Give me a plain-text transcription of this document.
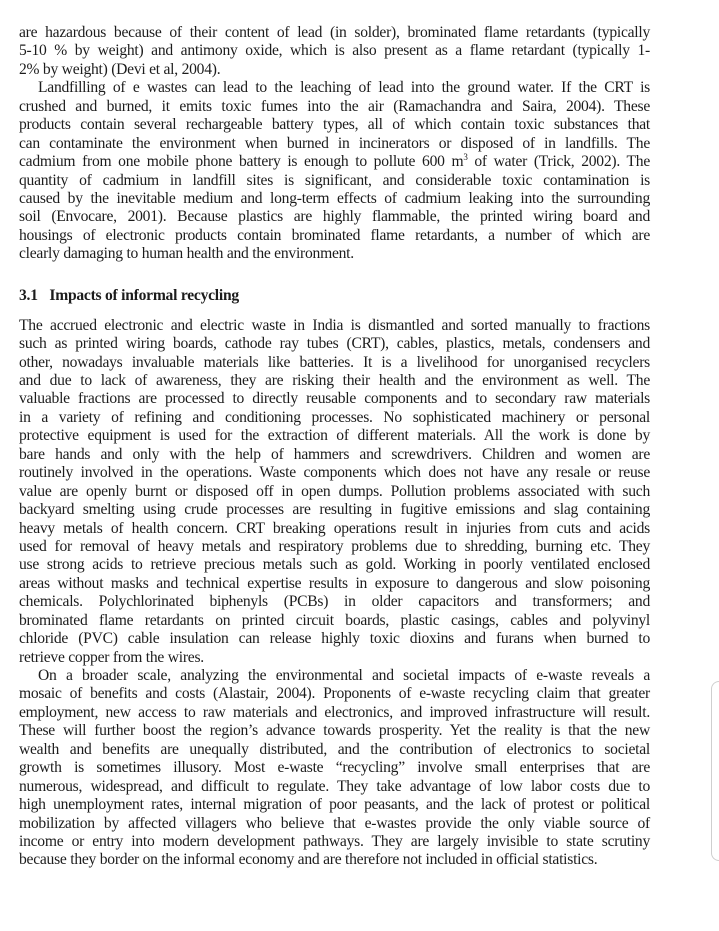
are hazardous because of their content of lead (in solder), brominated flame retardants (typically
5-10 % by weight) and antimony oxide, which is also present as a flame retardant (typically 1-
2% by weight) (Devi et al, 2004).

Landfilling of e wastes can lead to the leaching of lead into the ground water. If the CRT is
crushed and burned, it emits toxic fumes into the air (Ramachandra and Saira, 2004). These
products contain several rechargeable battery types, all of which contain toxic substances that
can contaminate the environment when burned in incinerators or disposed of in landfills. The
cadmium from one mobile phone battery is enough to pollute 600 $m^3$ of water (Trick, 2002). The
quantity of cadmium in landfill sites is significant, and considerable toxic contamination is
caused by the inevitable medium and long-term effects of cadmium leaking into the surrounding
soil (Envocare, 2001). Because plastics are highly flammable, the printed wiring board and
housings of electronic products contain brominated flame retardants, a number of which are
clearly damaging to human health and the environment.

3.1 Impacts of informal recycling

The accrued electronic and electric waste in India is dismantled and sorted manually to fractions
such as printed wiring boards, cathode ray tubes (CRT), cables, plastics, metals, condensers and
other, nowadays invaluable materials like batteries. It is a livelihood for unorganised recyclers
and due to lack of awareness, they are risking their health and the environment as well. The
valuable fractions are processed to directly reusable components and to secondary raw materials
in a variety of refining and conditioning processes. No sophisticated machinery or personal
protective equipment is used for the extraction of different materials. All the work is done by
bare hands and only with the help of hammers and screwdrivers. Children and women are
routinely involved in the operations. Waste components which does not have any resale or reuse
value are openly burnt or disposed off in open dumps. Pollution problems associated with such
backyard smelting using crude processes are resulting in fugitive emissions and slag containing
heavy metals of health concern. CRT breaking operations result in injuries from cuts and acids
used for removal of heavy metals and respiratory problems due to shredding, burning etc. They
use strong acids to retrieve precious metals such as gold. Working in poorly ventilated enclosed
areas without masks and technical expertise results in exposure to dangerous and slow poisoning
chemicals. Polychlorinated biphenyls (PCBs) in older capacitors and transformers; and
brominated flame retardants on printed circuit boards, plastic casings, cables and polyvinyl
chloride (PVC) cable insulation can release highly toxic dioxins and furans when burned to
retrieve copper from the wires.

On a broader scale, analyzing the environmental and societal impacts of e-waste reveals a
mosaic of benefits and costs (Alastair, 2004). Proponents of e-waste recycling claim that greater
employment, new access to raw materials and electronics, and improved infrastructure will result.
These will further boost the region’s advance towards prosperity. Yet the reality is that the new
wealth and benefits are unequally distributed, and the contribution of electronics to societal
growth is sometimes illusory. Most e-waste “recycling” involve small enterprises that are
numerous, widespread, and difficult to regulate. They take advantage of low labor costs due to
high unemployment rates, internal migration of poor peasants, and the lack of protest or political
mobilization by affected villagers who believe that e-wastes provide the only viable source of
income or entry into modern development pathways. They are largely invisible to state scrutiny
because they border on the informal economy and are therefore not included in official statistics.
